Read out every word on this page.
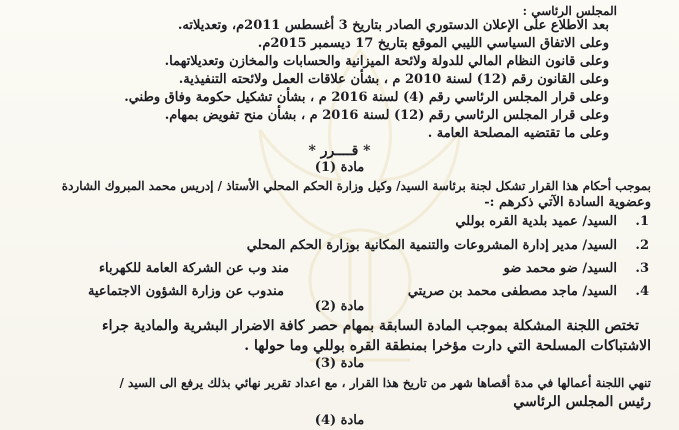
المجلس الرئاسي :
بعد الاطلاع على الإعلان الدستوري الصادر بتاريخ 3 أغسطس 2011م، وتعديلاته.
وعلى الاتفاق السياسي الليبي الموقع بتاريخ 17 ديسمبر 2015م.
وعلى قانون النظام المالي للدولة ولائحة الميزانية والحسابات والمخازن وتعديلاتهما.
وعلى القانون رقم (12) لسنة 2010 م ، بشأن علاقات العمل ولائحته التنفيذية.
وعلى قرار المجلس الرئاسي رقم (4) لسنة 2016 م ، بشأن تشكيل حكومة وفاق وطني.
وعلى قرار المجلس الرئاسي رقم (12) لسنة 2016 م ، بشأن منح تفويض بمهام.
وعلى ما تقتضيه المصلحة العامة .
* قــــرر *
مادة (1)
بموجب أحكام هذا القرار تشكل لجنة برئاسة السيد/ وكيل وزارة الحكم المحلي الأستاذ / إدريس محمد المبروك الشاردة
وعضوية السادة الآتي ذكرهم :-
1.
السيد/ عميد بلدية القره بوللي
2.
السيد/ مدير إدارة المشروعات والتنمية المكانية بوزارة الحكم المحلي
3.
السيد/ ضو محمد ضو
مند وب عن الشركة العامة للكهرباء
4.
السيد/ ماجد مصطفى محمد بن صريتي
مندوب عن وزارة الشؤون الاجتماعية
مادة (2)
تختص اللجنة المشكلة بموجب المادة السابقة بمهام حصر كافة الاضرار البشرية والمادية جراء
الاشتباكات المسلحة التي دارت مؤخرا بمنطقة القره بوللي وما حولها .
مادة (3)
تنهي اللجنة أعمالها في مدة أقصاها شهر من تاريخ هذا القرار ، مع اعداد تقرير نهائي بذلك يرفع الى السيد /
رئيس المجلس الرئاسي
مادة (4)
